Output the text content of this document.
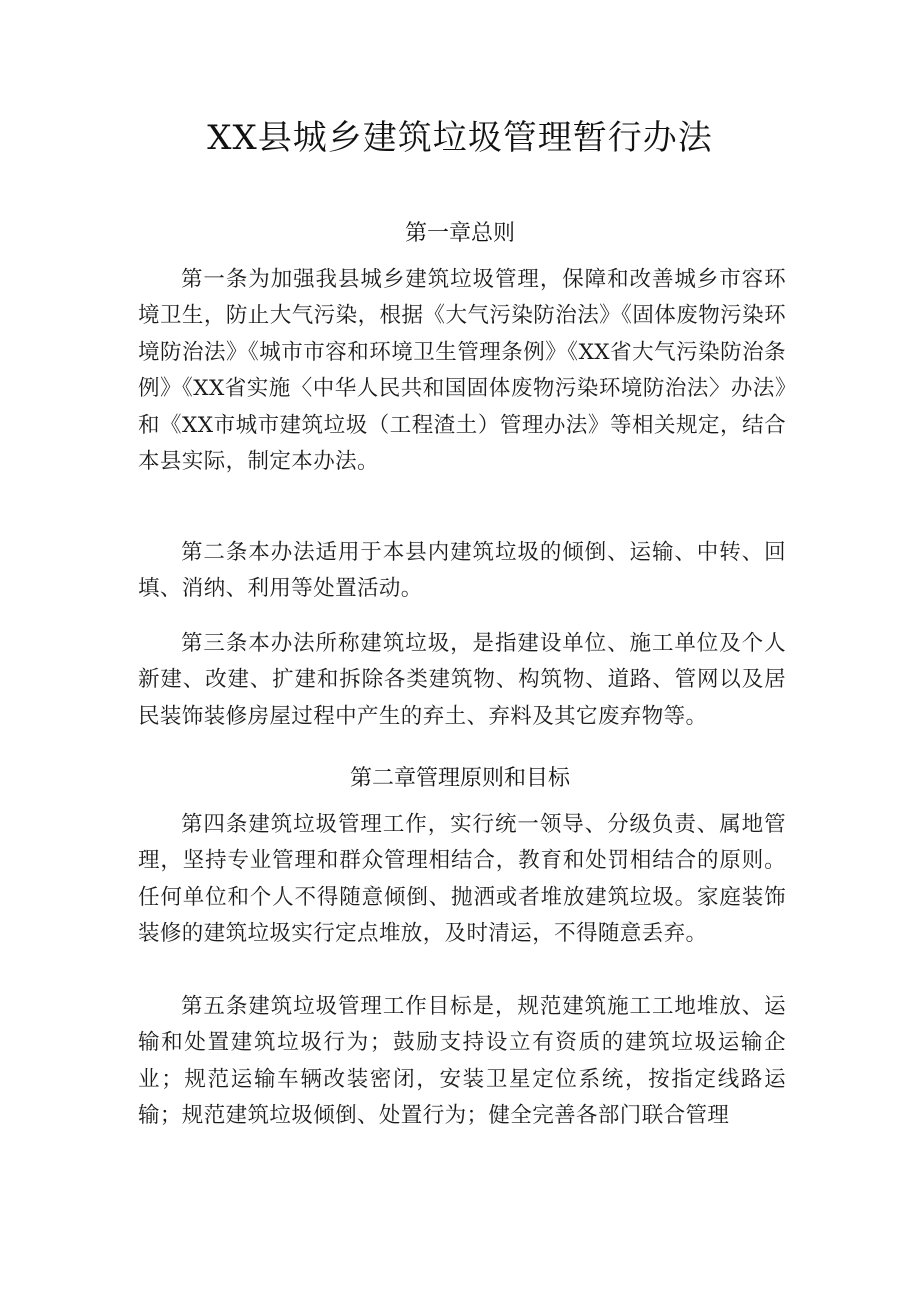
XX县城乡建筑垃圾管理暂行办法
第一章总则

第一条为加强我县城乡建筑垃圾管理，保障和改善城乡市容环境卫生，防止大气污染，根据《大气污染防治法》《固体废物污染环境防治法》《城市市容和环境卫生管理条例》《XX省大气污染防治条例》《XX省实施〈中华人民共和国固体废物污染环境防治法〉办法》和《XX市城市建筑垃圾（工程渣土）管理办法》等相关规定，结合本县实际，制定本办法。

第二条本办法适用于本县内建筑垃圾的倾倒、运输、中转、回填、消纳、利用等处置活动。

第三条本办法所称建筑垃圾，是指建设单位、施工单位及个人新建、改建、扩建和拆除各类建筑物、构筑物、道路、管网以及居民装饰装修房屋过程中产生的弃土、弃料及其它废弃物等。

第二章管理原则和目标

第四条建筑垃圾管理工作，实行统一领导、分级负责、属地管理，坚持专业管理和群众管理相结合，教育和处罚相结合的原则。任何单位和个人不得随意倾倒、抛洒或者堆放建筑垃圾。家庭装饰装修的建筑垃圾实行定点堆放，及时清运，不得随意丢弃。

第五条建筑垃圾管理工作目标是，规范建筑施工工地堆放、运输和处置建筑垃圾行为；鼓励支持设立有资质的建筑垃圾运输企业；规范运输车辆改装密闭，安装卫星定位系统，按指定线路运输；规范建筑垃圾倾倒、处置行为；健全完善各部门联合管理
